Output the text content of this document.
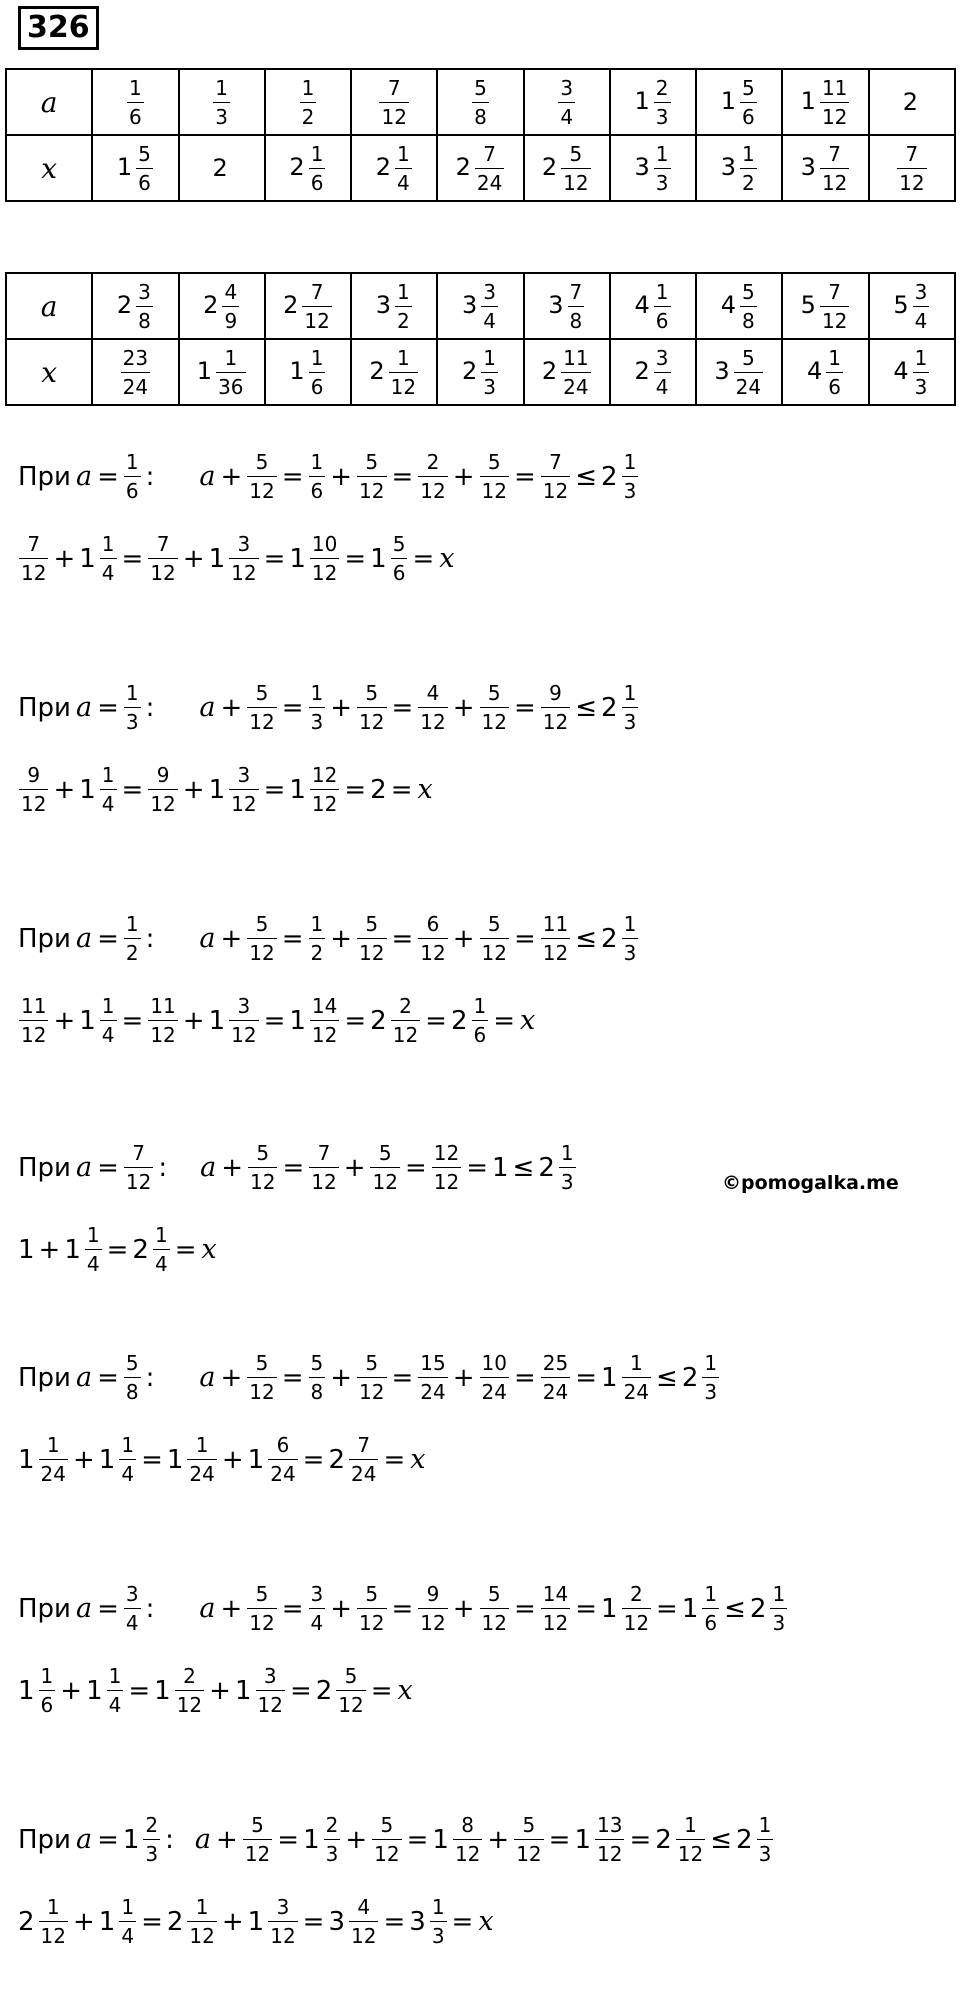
326
a	$\frac{1}{6}$	$\frac{1}{3}$	$\frac{1}{2}$	$\frac{7}{12}$	$\frac{5}{8}$	$\frac{3}{4}$	$1 \frac{2}{3}$	$1 \frac{5}{6}$	$1 \frac{11}{12}$	2
x	$1 \frac{5}{6}$	2	$2 \frac{1}{6}$	$2 \frac{1}{4}$	$2 \frac{7}{24}$	$2 \frac{5}{12}$	$3 \frac{1}{3}$	$3 \frac{1}{2}$	$3 \frac{7}{12}$	$\frac{7}{12}$
a	$2 \frac{3}{8}$	$2 \frac{4}{9}$	$2 \frac{7}{12}$	$3 \frac{1}{2}$	$3 \frac{3}{4}$	$3 \frac{7}{8}$	$4 \frac{1}{6}$	$4 \frac{5}{8}$	$5 \frac{7}{12}$	$5 \frac{3}{4}$

x	$\frac{23}{24}$	$1 \frac{1}{36}$	$1 \frac{1}{6}$	$2 \frac{1}{12}$	$2 \frac{1}{3}$	$2 \frac{11}{24}$	$2 \frac{3}{4}$	$3 \frac{5}{24}$	$4 \frac{1}{6}$	$4 \frac{1}{3}$
При $a = \frac{1}{6}$ : $a + \frac{5}{12} = \frac{1}{6} + \frac{5}{12} = \frac{2}{12} + \frac{5}{12} = \frac{7}{12} \le 2 \frac{1}{3}$
$\frac{7}{12} + 1 \frac{1}{4} = \frac{7}{12} + 1 \frac{3}{12} = 1 \frac{10}{12} = 1 \frac{5}{6} = x$
При $a = \frac{1}{3}$ : $a + \frac{5}{12} = \frac{1}{3} + \frac{5}{12} = \frac{4}{12} + \frac{5}{12} = \frac{9}{12} \le 2 \frac{1}{3}$
$\frac{9}{12} + 1 \frac{1}{4} = \frac{9}{12} + 1 \frac{3}{12} = 1 \frac{12}{12} = 2 = x$
При $a = \frac{1}{2}$ : $a + \frac{5}{12} = \frac{1}{2} + \frac{5}{12} = \frac{6}{12} + \frac{5}{12} = \frac{11}{12} \le 2 \frac{1}{3}$
$\frac{11}{12} + 1 \frac{1}{4} = \frac{11}{12} + 1 \frac{3}{12} = 1 \frac{14}{12} = 2 \frac{2}{12} = 2 \frac{1}{6} = x$
При $a = \frac{7}{12}$ : $a + \frac{5}{12} = \frac{7}{12} + \frac{5}{12} = \frac{12}{12} = 1 \le 2 \frac{1}{3}$
$1 + 1 \frac{1}{4} = 2 \frac{1}{4} = x$
При $a = \frac{5}{8}$ : $a + \frac{5}{12} = \frac{5}{8} + \frac{5}{12} = \frac{15}{24} + \frac{10}{24} = \frac{25}{24} = 1 \frac{1}{24} \le 2 \frac{1}{3}$
$1 \frac{1}{24} + 1 \frac{1}{4} = 1 \frac{1}{24} + 1 \frac{6}{24} = 2 \frac{7}{24} = x$
При $a = \frac{3}{4}$ : $a + \frac{5}{12} = \frac{3}{4} + \frac{5}{12} = \frac{9}{12} + \frac{5}{12} = \frac{14}{12} = 1 \frac{2}{12} = 1 \frac{1}{6} \le 2 \frac{1}{3}$
$1 \frac{1}{6} + 1 \frac{1}{4} = 1 \frac{2}{12} + 1 \frac{3}{12} = 2 \frac{5}{12} = x$
При $a = 1 \frac{2}{3}$ : $a + \frac{5}{12} = 1 \frac{2}{3} + \frac{5}{12} = 1 \frac{8}{12} + \frac{5}{12} = 1 \frac{13}{12} = 2 \frac{1}{12} \le 2 \frac{1}{3}$
$2 \frac{1}{12} + 1 \frac{1}{4} = 2 \frac{1}{12} + 1 \frac{3}{12} = 3 \frac{4}{12} = 3 \frac{1}{3} = x$
©pomogalka.me
